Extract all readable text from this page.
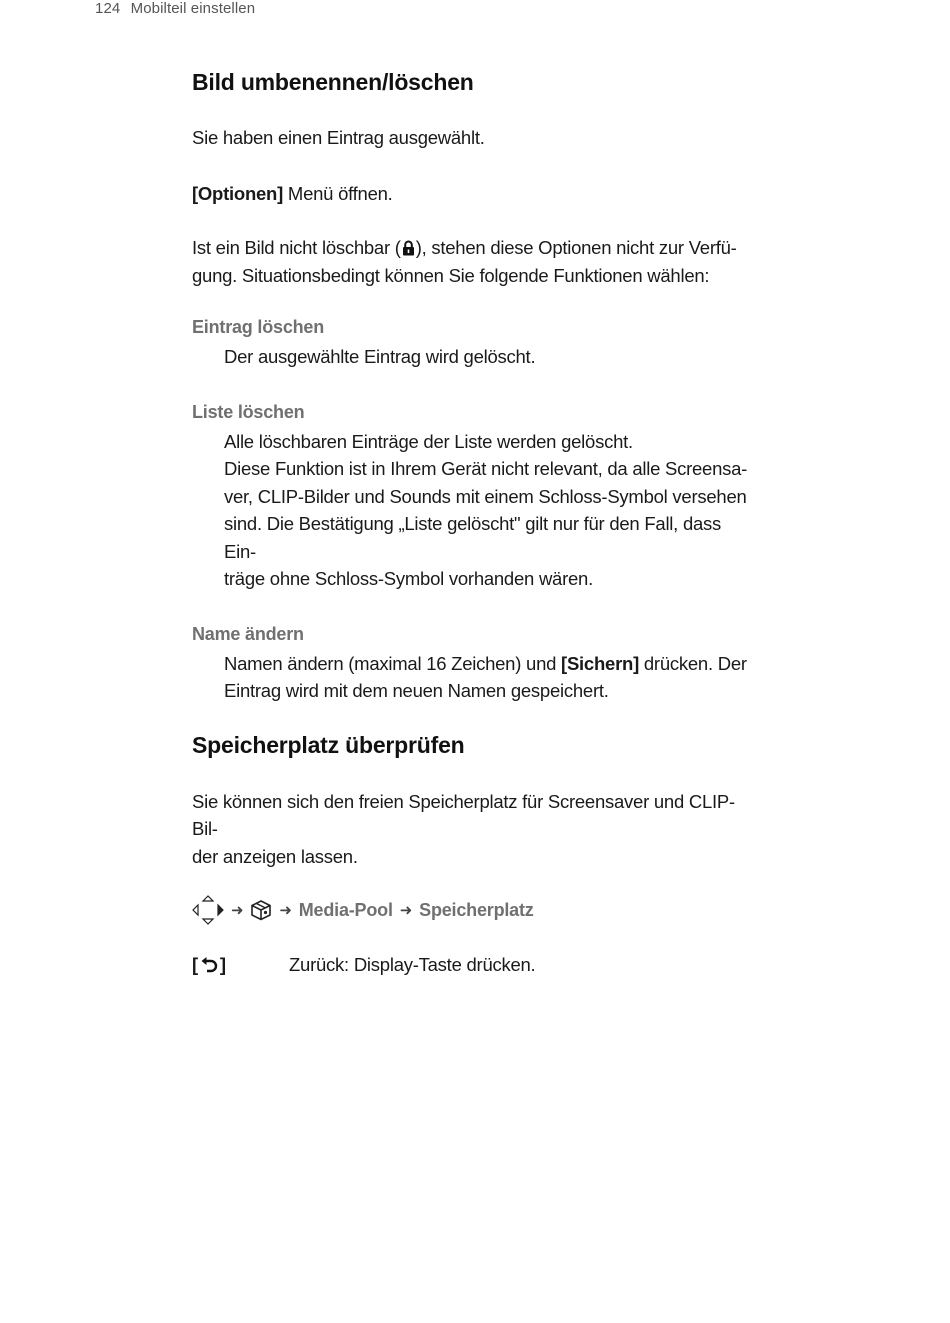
124 Mobilteil einstellen
Bild umbenennen/löschen

Sie haben einen Eintrag ausgewählt.

[Optionen] Menü öffnen.

Ist ein Bild nicht löschbar ( ), stehen diese Optionen nicht zur Verfü-
gung. Situationsbedingt können Sie folgende Funktionen wählen:

Eintrag löschen

Der ausgewählte Eintrag wird gelöscht.

Liste löschen

Alle löschbaren Einträge der Liste werden gelöscht.

Diese Funktion ist in Ihrem Gerät nicht relevant, da alle Screensa-

ver, CLIP-Bilder und Sounds mit einem Schloss-Symbol versehen

sind. Die Bestätigung „Liste gelöscht" gilt nur für den Fall, dass Ein-

träge ohne Schloss-Symbol vorhanden wären.

Name ändern

Namen ändern (maximal 16 Zeichen) und [Sichern] drücken. Der

Eintrag wird mit dem neuen Namen gespeichert.

Speicherplatz überprüfen

Sie können sich den freien Speicherplatz für Screensaver und CLIP-Bil-
der anzeigen lassen.

➜ ➜ Media-Pool ➜ Speicherplatz
[ ]	Zurück: Display-Taste drücken.
